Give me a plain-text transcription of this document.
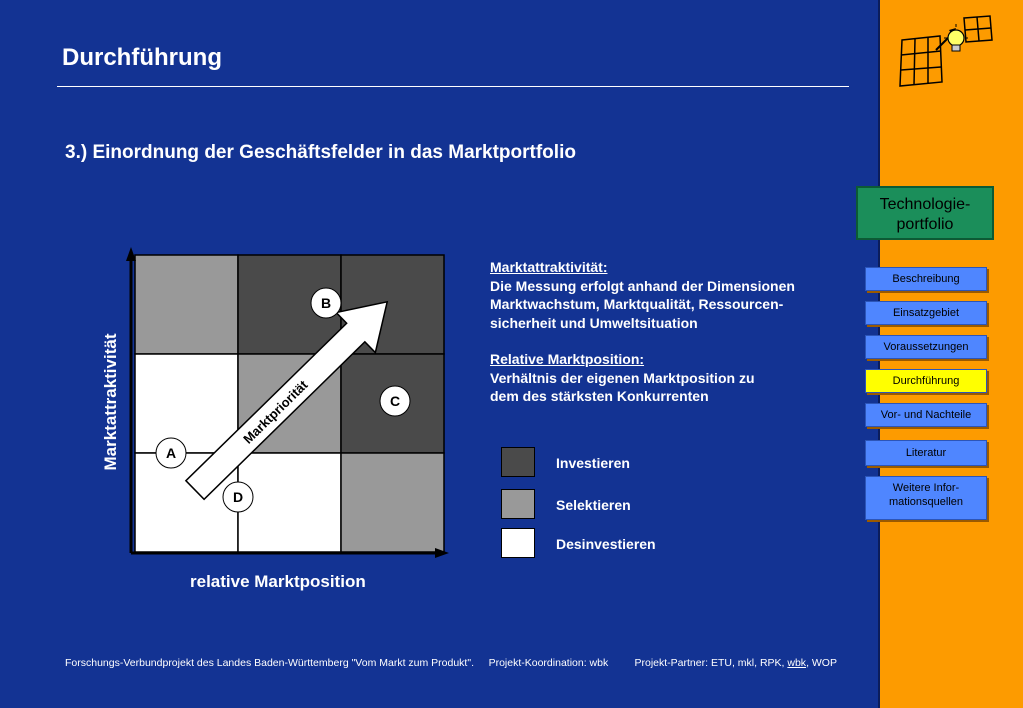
Durchführung
3.) Einordnung der Geschäftsfelder in das Marktportfolio
Marktpriorität
A
B
C
D
Marktattraktivität
relative Marktposition
Marktattraktivität:
Die Messung erfolgt anhand der Dimensionen
Marktwachstum, Marktqualität, Ressourcen-
sicherheit und Umweltsituation
Relative Marktposition:
Verhältnis der eigenen Marktposition zu
dem des stärksten Konkurrenten
Investieren
Selektieren
Desinvestieren
Forschungs-Verbundprojekt des Landes Baden-Württemberg "Vom Markt zum Produkt". Projekt-Koordination: wbk	Projekt-Partner: ETU, mkl, RPK, wbk, WOP
Technologie-
portfolio
Beschreibung
Einsatzgebiet
Voraussetzungen
Durchführung
Vor- und Nachteile
Literatur
Weitere Infor-
mationsquellen
